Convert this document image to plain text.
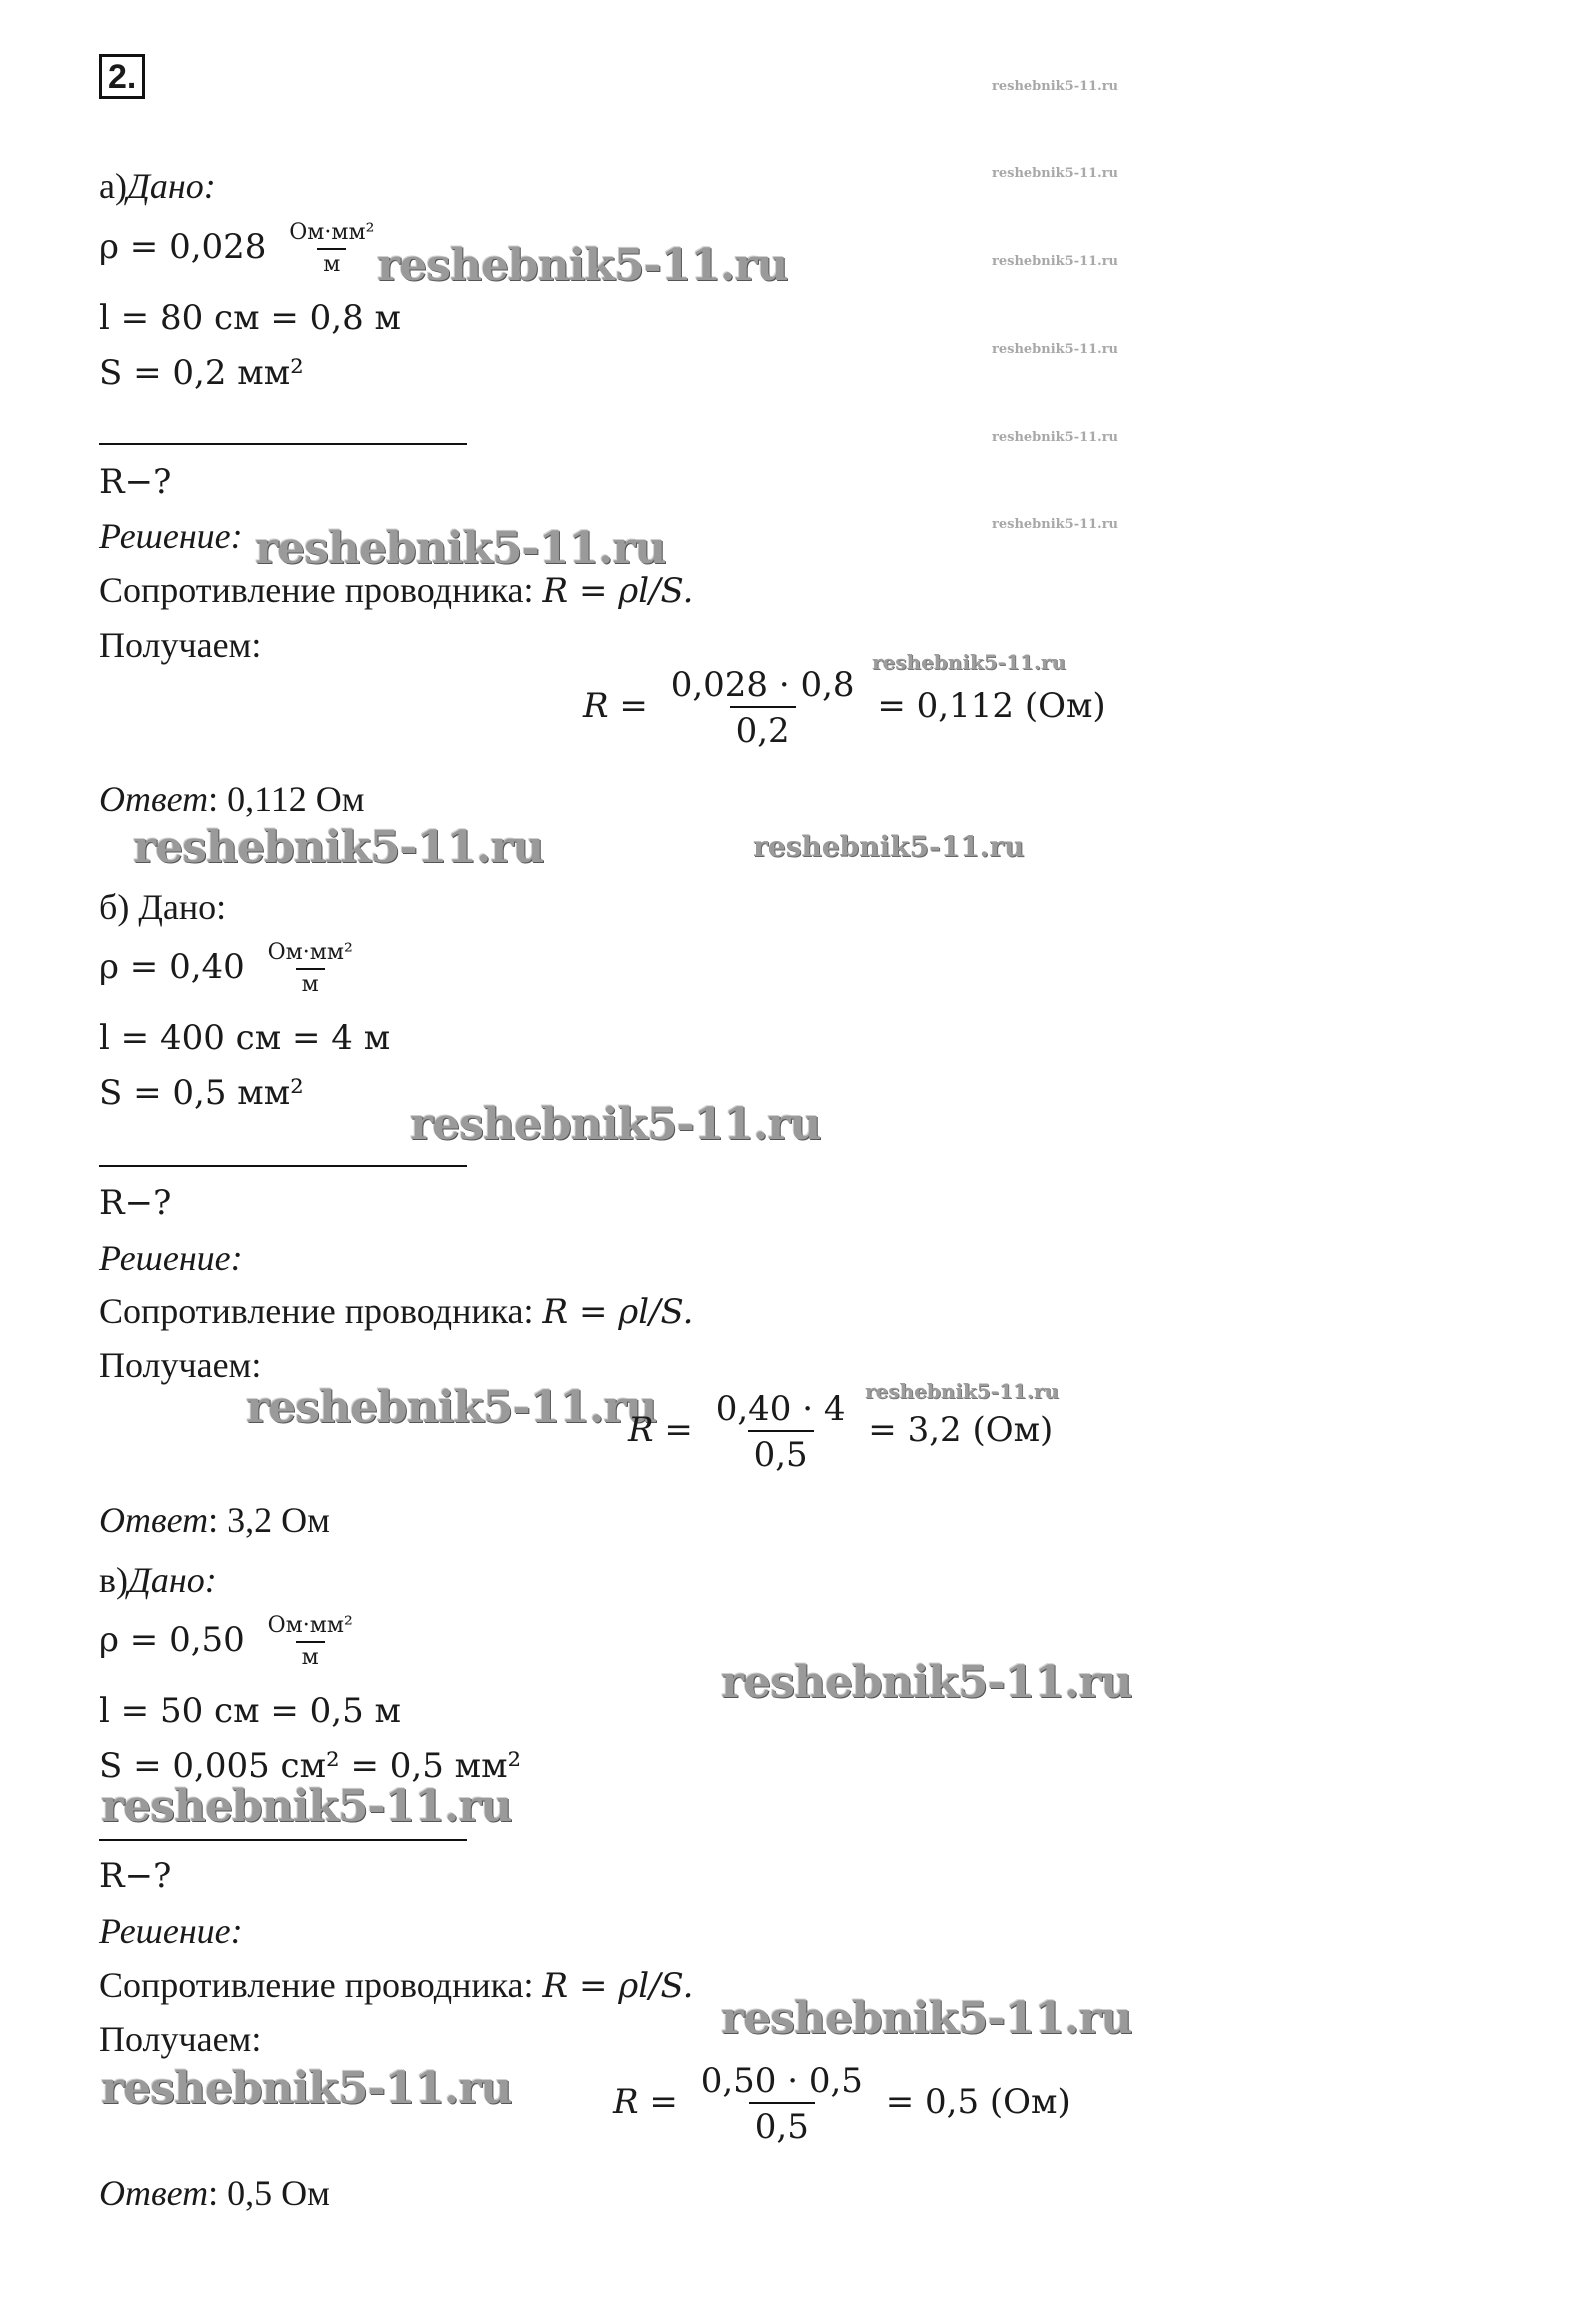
2.	reshebnik5-11.ru
reshebnik5-11.ru
reshebnik5-11.ru
reshebnik5-11.ru
reshebnik5-11.ru
reshebnik5-11.ru
а)Дано:
$\rho = 0,028 \frac{\text{Ом·мм²}}{м}$
reshebnik5-11.ru
l = 80 см = 0,8 м
S = 0,2 мм²
R−?
Решение: reshebnik5-11.ru
Сопротивление проводника: R = ρl/S.
Получаем:	reshebnik5-11.ru
$R = \frac{0,028 \cdot 0,8}{0,2} = 0,112$ (Ом)
Ответ: 0,112 Ом
reshebnik5-11.ru	reshebnik5-11.ru
б) Дано:
$\rho = 0,40 \frac{\text{Ом·мм²}}{м}$
l = 400 см = 4 м
S = 0,5 мм²
reshebnik5-11.ru
R−?
Решение:
Сопротивление проводника: R = ρl/S.
Получаем:
reshebnik5-11.ru	reshebnik5-11.ru
$R = \frac{0,40 \cdot 4}{0,5} = 3,2$ (Ом)
Ответ: 3,2 Ом
в)Дано:
$\rho = 0,50 \frac{\text{Ом·мм²}}{м}$
reshebnik5-11.ru
l = 50 см = 0,5 м
S = 0,005 см² = 0,5 мм²
reshebnik5-11.ru
R−?
Решение:
Сопротивление проводника: R = ρl/S.
reshebnik5-11.ru
Получаем:
reshebnik5-11.ru	$R = \frac{0,50 \cdot 0,5}{0,5} = 0,5$ (Ом)
Ответ: 0,5 Ом
